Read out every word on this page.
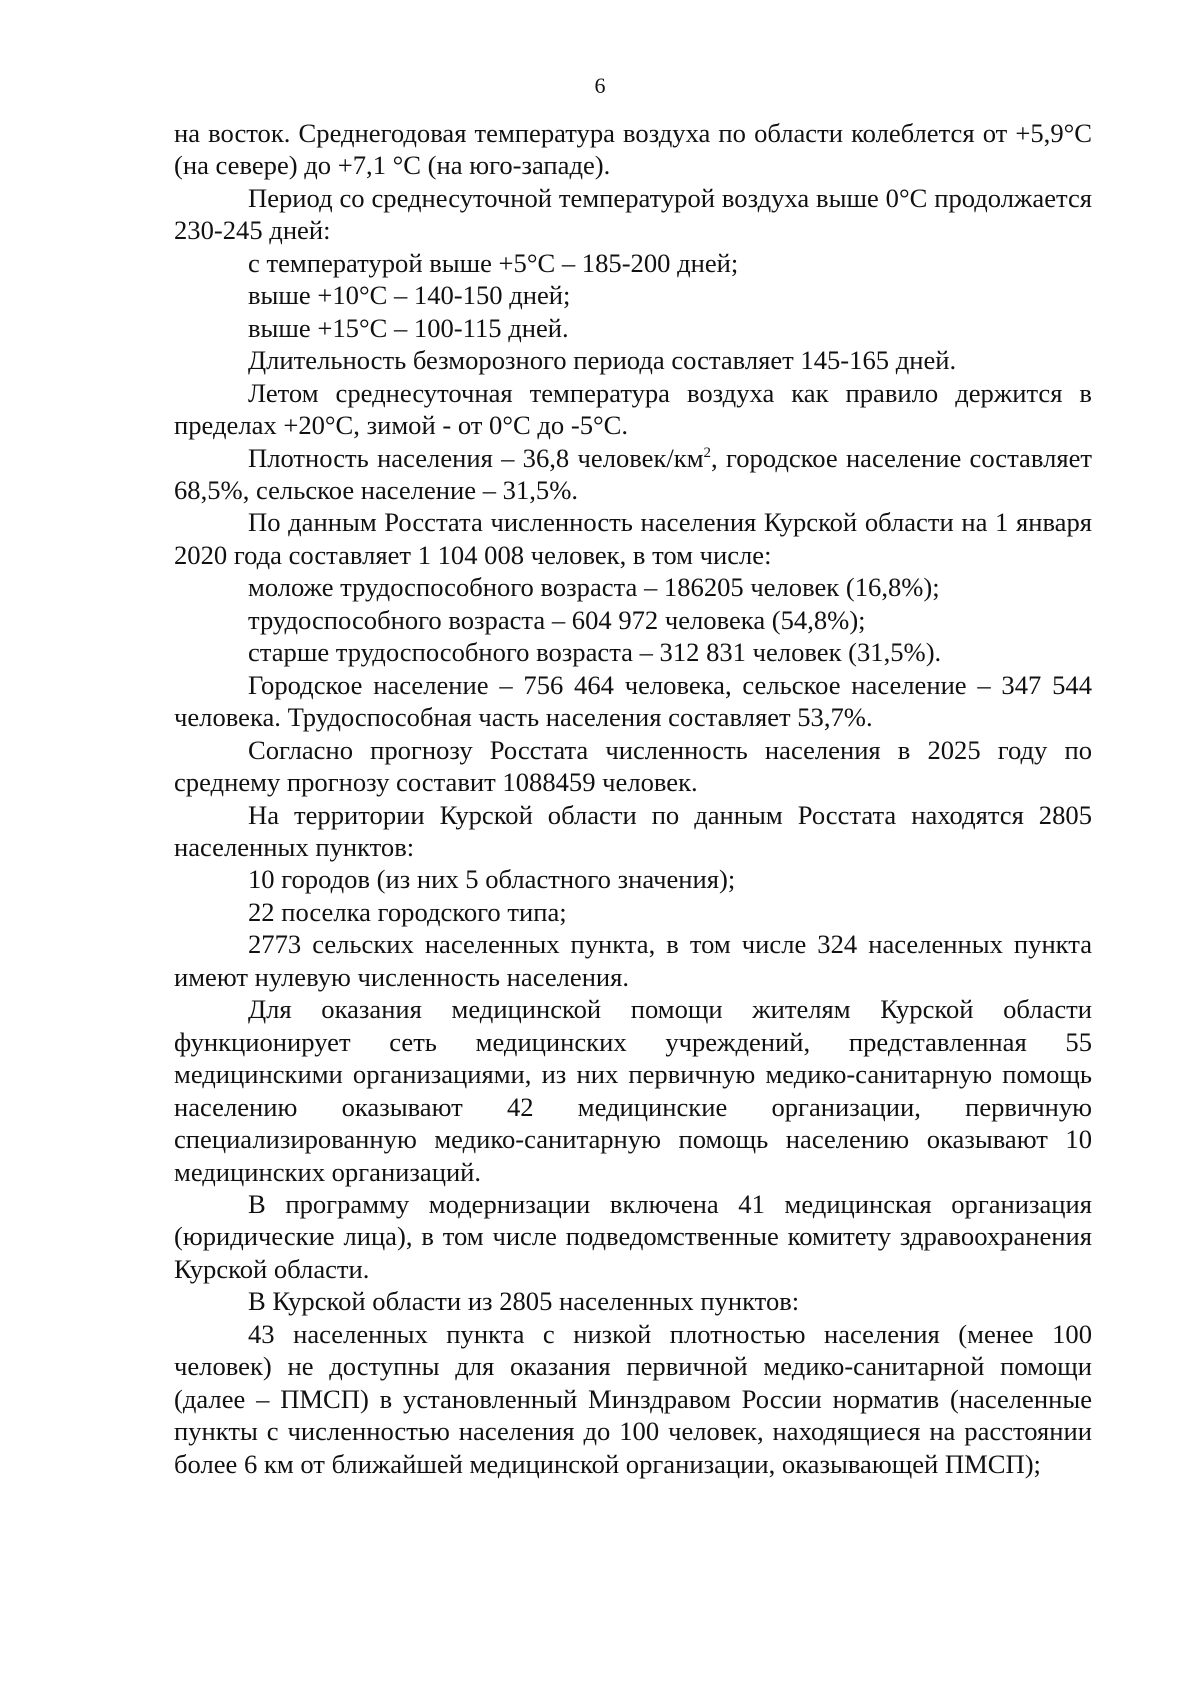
6

на восток. Среднегодовая температура воздуха по области колеблется от +5,9°С (на севере) до +7,1 °С (на юго-западе).

Период со среднесуточной температурой воздуха выше 0°С продолжается 230-245 дней:

с температурой выше +5°С – 185-200 дней;

выше +10°С – 140-150 дней;

выше +15°С – 100-115 дней.

Длительность безморозного периода составляет 145-165 дней.

Летом среднесуточная температура воздуха как правило держится в пределах +20°С, зимой - от 0°С до -5°С.

Плотность населения – 36,8 человек/$км^2$, городское население составляет 68,5%, сельское население – 31,5%.

По данным Росстата численность населения Курской области на 1 января 2020 года составляет 1 104 008 человек, в том числе:

моложе трудоспособного возраста – 186205 человек (16,8%);

трудоспособного возраста – 604 972 человека (54,8%);

старше трудоспособного возраста – 312 831 человек (31,5%).

Городское население – 756 464 человека, сельское население – 347 544 человека. Трудоспособная часть населения составляет 53,7%.

Согласно прогнозу Росстата численность населения в 2025 году по среднему прогнозу составит 1088459 человек.

На территории Курской области по данным Росстата находятся 2805 населенных пунктов:

10 городов (из них 5 областного значения);

22 поселка городского типа;

2773 сельских населенных пункта, в том числе 324 населенных пункта имеют нулевую численность населения.

Для оказания медицинской помощи жителям Курской области функционирует сеть медицинских учреждений, представленная 55 медицинскими организациями, из них первичную медико-санитарную помощь населению оказывают 42 медицинские организации, первичную специализированную медико-санитарную помощь населению оказывают 10 медицинских организаций.

В программу модернизации включена 41 медицинская организация (юридические лица), в том числе подведомственные комитету здравоохранения Курской области.

В Курской области из 2805 населенных пунктов:

43 населенных пункта с низкой плотностью населения (менее 100 человек) не доступны для оказания первичной медико-санитарной помощи (далее – ПМСП) в установленный Минздравом России норматив (населенные пункты с численностью населения до 100 человек, находящиеся на расстоянии более 6 км от ближайшей медицинской организации, оказывающей ПМСП);
